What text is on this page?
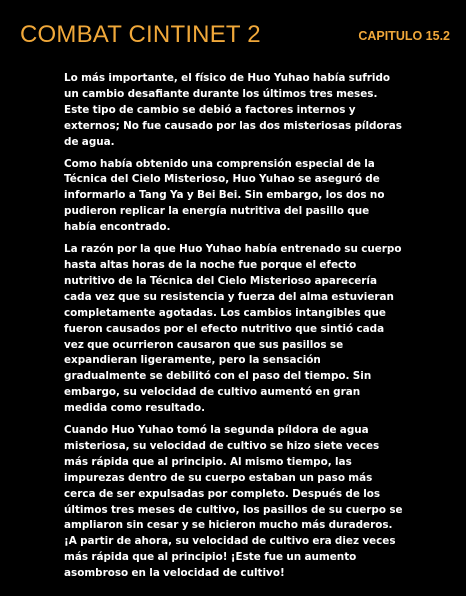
COMBAT CINTINET 2	CAPITULO 15.2

Lo más importante, el físico de Huo Yuhao había sufrido un cambio desafiante durante los últimos tres meses. Este tipo de cambio se debió a factores internos y externos; No fue causado por las dos misteriosas píldoras de agua.

Como había obtenido una comprensión especial de la Técnica del Cielo Misterioso, Huo Yuhao se aseguró de informarlo a Tang Ya y Bei Bei. Sin embargo, los dos no pudieron replicar la energía nutritiva del pasillo que había encontrado.

La razón por la que Huo Yuhao había entrenado su cuerpo hasta altas horas de la noche fue porque el efecto nutritivo de la Técnica del Cielo Misterioso aparecería cada vez que su resistencia y fuerza del alma estuvieran completamente agotadas. Los cambios intangibles que fueron causados por el efecto nutritivo que sintió cada vez que ocurrieron causaron que sus pasillos se expandieran ligeramente, pero la sensación gradualmente se debilitó con el paso del tiempo. Sin embargo, su velocidad de cultivo aumentó en gran medida como resultado.

Cuando Huo Yuhao tomó la segunda píldora de agua misteriosa, su velocidad de cultivo se hizo siete veces más rápida que al principio. Al mismo tiempo, las impurezas dentro de su cuerpo estaban un paso más cerca de ser expulsadas por completo. Después de los últimos tres meses de cultivo, los pasillos de su cuerpo se ampliaron sin cesar y se hicieron mucho más duraderos. ¡A partir de ahora, su velocidad de cultivo era diez veces más rápida que al principio! ¡Este fue un aumento asombroso en la velocidad de cultivo!
